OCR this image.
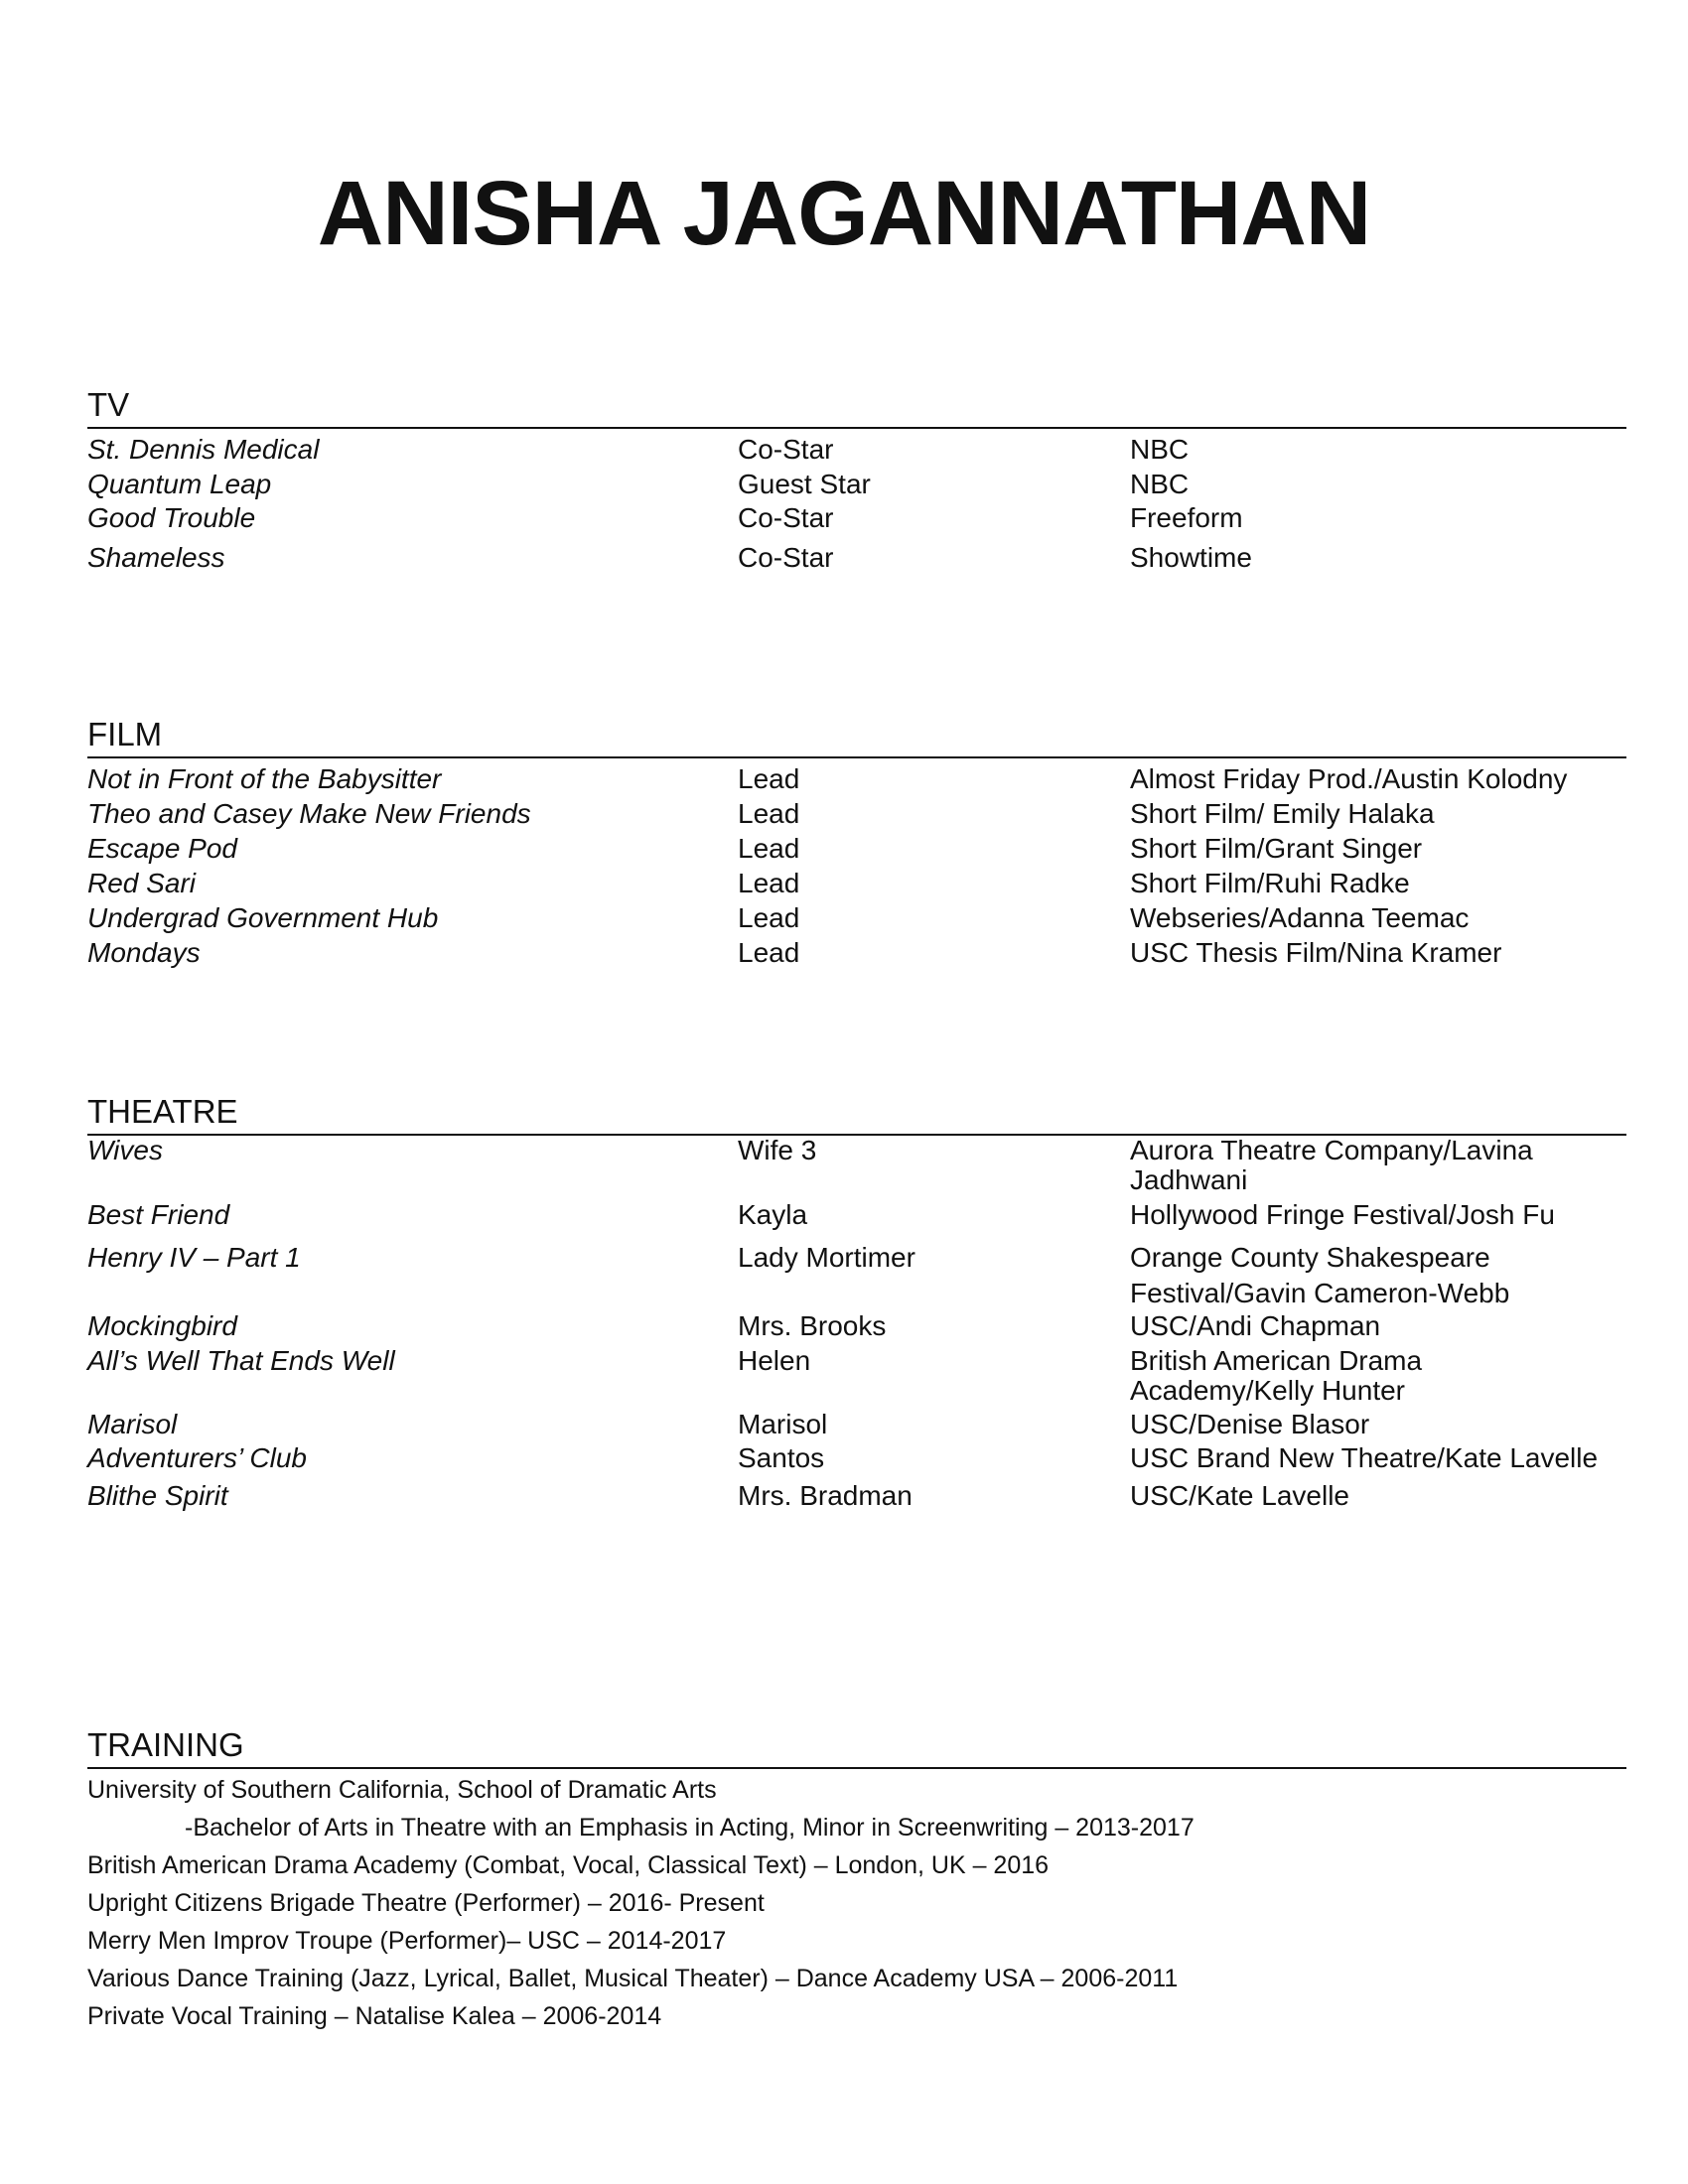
ANISHA JAGANNATHAN
TV
St. Dennis Medical	Co-Star	NBC
Quantum Leap	Guest Star	NBC
Good Trouble	Co-Star	Freeform
Shameless	Co-Star	Showtime
FILM
Not in Front of the Babysitter	Lead	Almost Friday Prod./Austin Kolodny
Theo and Casey Make New Friends	Lead	Short Film/ Emily Halaka
Escape Pod	Lead	Short Film/Grant Singer
Red Sari	Lead	Short Film/Ruhi Radke
Undergrad Government Hub	Lead	Webseries/Adanna Teemac
Mondays	Lead	USC Thesis Film/Nina Kramer
THEATRE
Wives	Wife 3	Aurora Theatre Company/Lavina Jadhwani
Best Friend	Kayla	Hollywood Fringe Festival/Josh Fu
Henry IV – Part 1	Lady Mortimer	Orange County Shakespeare Festival/Gavin Cameron-Webb
Mockingbird	Mrs. Brooks	USC/Andi Chapman
All’s Well That Ends Well	Helen	British American Drama Academy/Kelly Hunter
Marisol	Marisol	USC/Denise Blasor
Adventurers’ Club	Santos	USC Brand New Theatre/Kate Lavelle
Blithe Spirit	Mrs. Bradman	USC/Kate Lavelle
TRAINING
University of Southern California, School of Dramatic Arts
-Bachelor of Arts in Theatre with an Emphasis in Acting, Minor in Screenwriting – 2013-2017
British American Drama Academy (Combat, Vocal, Classical Text) – London, UK – 2016
Upright Citizens Brigade Theatre (Performer) – 2016- Present
Merry Men Improv Troupe (Performer)– USC – 2014-2017
Various Dance Training (Jazz, Lyrical, Ballet, Musical Theater) – Dance Academy USA – 2006-2011
Private Vocal Training – Natalise Kalea – 2006-2014
